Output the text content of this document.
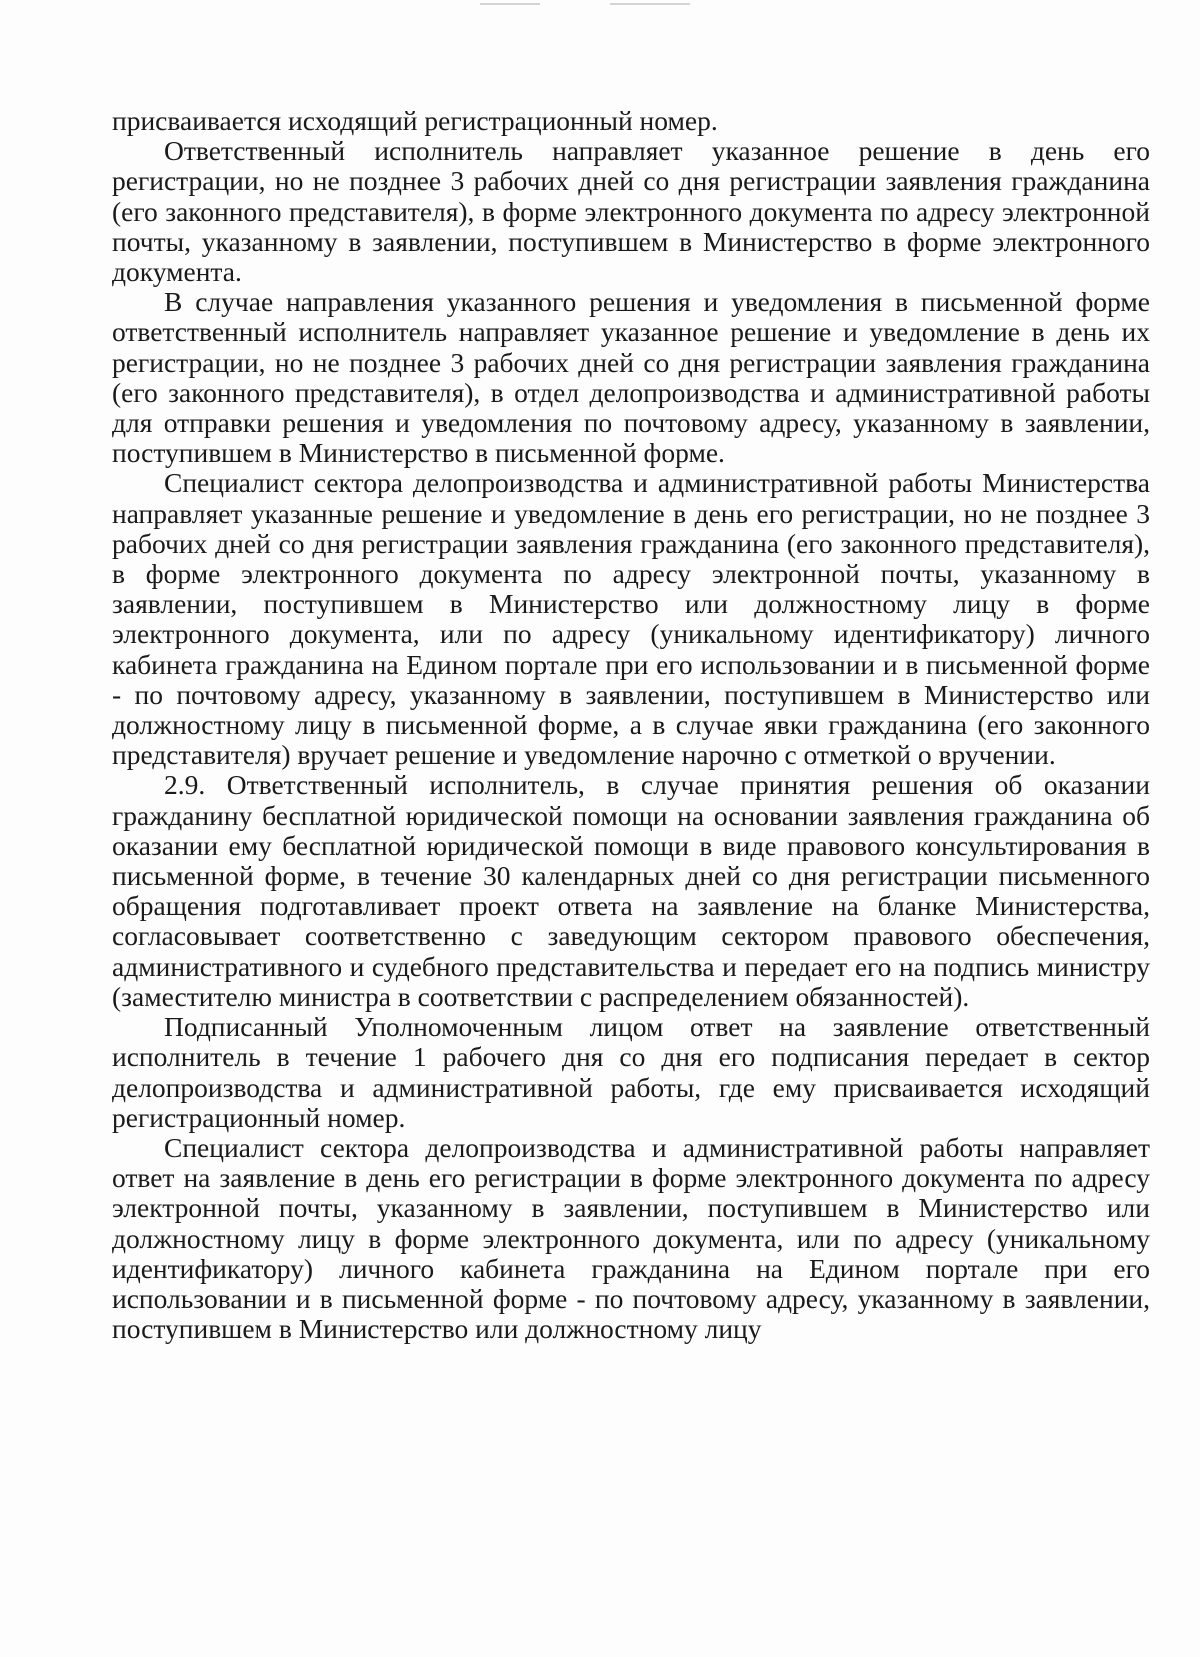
присваивается исходящий регистрационный номер.

Ответственный исполнитель направляет указанное решение в день его регистрации, но не позднее 3 рабочих дней со дня регистрации заявления гражданина (его законного представителя), в форме электронного документа по адресу электронной почты, указанному в заявлении, поступившем в Министерство в форме электронного документа.

В случае направления указанного решения и уведомления в письменной форме ответственный исполнитель направляет указанное решение и уведомление в день их регистрации, но не позднее 3 рабочих дней со дня регистрации заявления гражданина (его законного представителя), в отдел делопроизводства и административной работы для отправки решения и уведомления по почтовому адресу, указанному в заявлении, поступившем в Министерство в письменной форме.

Специалист сектора делопроизводства и административной работы Министерства направляет указанные решение и уведомление в день его регистрации, но не позднее 3 рабочих дней со дня регистрации заявления гражданина (его законного представителя), в форме электронного документа по адресу электронной почты, указанному в заявлении, поступившем в Министерство или должностному лицу в форме электронного документа, или по адресу (уникальному идентификатору) личного кабинета гражданина на Едином портале при его использовании и в письменной форме - по почтовому адресу, указанному в заявлении, поступившем в Министерство или должностному лицу в письменной форме, а в случае явки гражданина (его законного представителя) вручает решение и уведомление нарочно с отметкой о вручении.

2.9. Ответственный исполнитель, в случае принятия решения об оказании гражданину бесплатной юридической помощи на основании заявления гражданина об оказании ему бесплатной юридической помощи в виде правового консультирования в письменной форме, в течение 30 календарных дней со дня регистрации письменного обращения подготавливает проект ответа на заявление на бланке Министерства, согласовывает соответственно с заведующим сектором правового обеспечения, административного и судебного представительства и передает его на подпись министру (заместителю министра в соответствии с распределением обязанностей).

Подписанный Уполномоченным лицом ответ на заявление ответственный исполнитель в течение 1 рабочего дня со дня его подписания передает в сектор делопроизводства и административной работы, где ему присваивается исходящий регистрационный номер.

Специалист сектора делопроизводства и административной работы направляет ответ на заявление в день его регистрации в форме электронного документа по адресу электронной почты, указанному в заявлении, поступившем в Министерство или должностному лицу в форме электронного документа, или по адресу (уникальному идентификатору) личного кабинета гражданина на Едином портале при его использовании и в письменной форме - по почтовому адресу, указанному в заявлении, поступившем в Министерство или должностному лицу
